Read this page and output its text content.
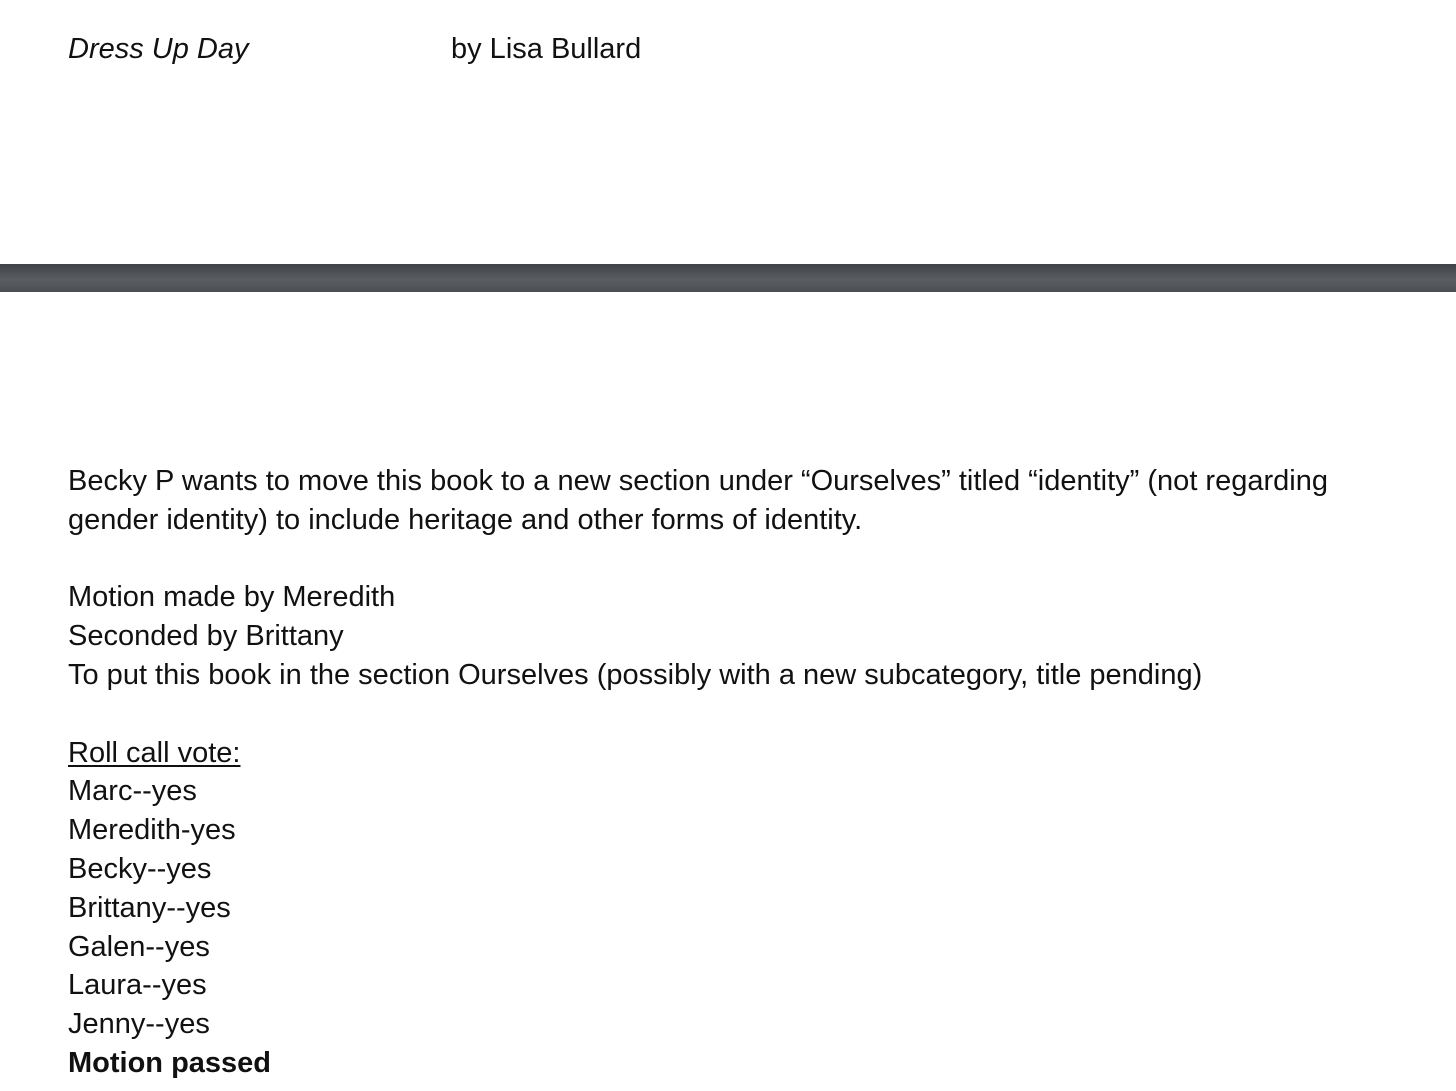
Dress Up Day	by Lisa Bullard

Becky P wants to move this book to a new section under “Ourselves” titled “identity” (not regarding gender identity) to include heritage and other forms of identity.

Motion made by Meredith
Seconded by Brittany
To put this book in the section Ourselves (possibly with a new subcategory, title pending)
Roll call vote:
Marc--yes
Meredith-yes
Becky--yes
Brittany--yes
Galen--yes
Laura--yes
Jenny--yes
Motion passed
